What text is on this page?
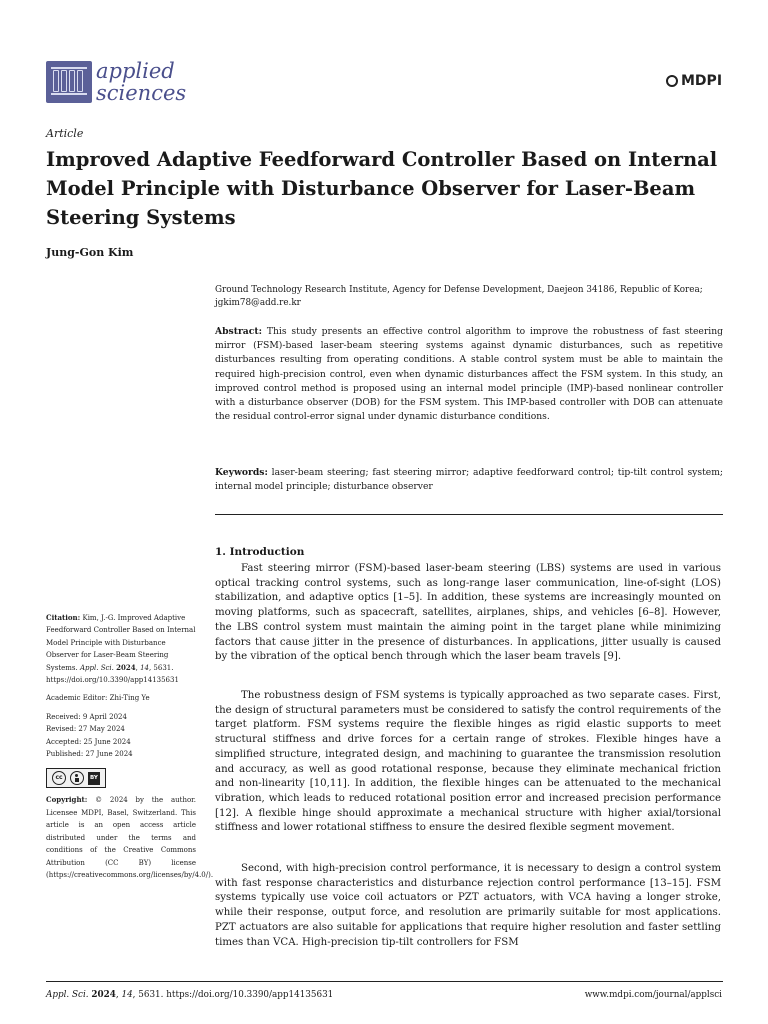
applied
sciences	MDPI
Article
Improved Adaptive Feedforward Controller Based on Internal Model Principle with Disturbance Observer for Laser-Beam Steering Systems
Jung-Gon Kim
Ground Technology Research Institute, Agency for Defense Development, Daejeon 34186, Republic of Korea; jgkim78@add.re.kr
Abstract: This study presents an effective control algorithm to improve the robustness of fast steering mirror (FSM)-based laser-beam steering systems against dynamic disturbances, such as repetitive disturbances resulting from operating conditions. A stable control system must be able to maintain the required high-precision control, even when dynamic disturbances affect the FSM system. In this study, an improved control method is proposed using an internal model principle (IMP)-based nonlinear controller with a disturbance observer (DOB) for the FSM system. This IMP-based controller with DOB can attenuate the residual control-error signal under dynamic disturbance conditions.
Keywords: laser-beam steering; fast steering mirror; adaptive feedforward control; tip-tilt control system; internal model principle; disturbance observer
1. Introduction
Fast steering mirror (FSM)-based laser-beam steering (LBS) systems are used in various optical tracking control systems, such as long-range laser communication, line-of-sight (LOS) stabilization, and adaptive optics [1–5]. In addition, these systems are increasingly mounted on moving platforms, such as spacecraft, satellites, airplanes, ships, and vehicles [6–8]. However, the LBS control system must maintain the aiming point in the target plane while minimizing factors that cause jitter in the presence of disturbances. In applications, jitter usually is caused by the vibration of the optical bench through which the laser beam travels [9].
The robustness design of FSM systems is typically approached as two separate cases. First, the design of structural parameters must be considered to satisfy the control requirements of the target platform. FSM systems require the flexible hinges as rigid elastic supports to meet structural stiffness and drive forces for a certain range of strokes. Flexible hinges have a simplified structure, integrated design, and machining to guarantee the transmission resolution and accuracy, as well as good rotational response, because they eliminate mechanical friction and non-linearity [10,11]. In addition, the flexible hinges can be attenuated to the mechanical vibration, which leads to reduced rotational position error and increased precision performance [12]. A flexible hinge should approximate a mechanical structure with higher axial/torsional stiffness and lower rotational stiffness to ensure the desired flexible segment movement.
Second, with high-precision control performance, it is necessary to design a control system with fast response characteristics and disturbance rejection control performance [13–15]. FSM systems typically use voice coil actuators or PZT actuators, with VCA having a longer stroke, while their response, output force, and resolution are primarily suitable for most applications. PZT actuators are also suitable for applications that require higher resolution and faster settling times than VCA. High-precision tip-tilt controllers for FSM

Citation: Kim, J.-G. Improved Adaptive Feedforward Controller Based on Internal Model Principle with Disturbance Observer for Laser-Beam Steering Systems. Appl. Sci. 2024, 14, 5631. https://doi.org/10.3390/app14135631

Academic Editor: Zhi-Ting Ye

Received: 9 April 2024
Revised: 27 May 2024
Accepted: 25 June 2024

Published: 27 June 2024

cc	BY

Copyright: © 2024 by the author. Licensee MDPI, Basel, Switzerland. This article is an open access article distributed under the terms and conditions of the Creative Commons Attribution (CC BY) license (https://creativecommons.org/licenses/by/4.0/).

Appl. Sci. 2024, 14, 5631. https://doi.org/10.3390/app14135631	www.mdpi.com/journal/applsci
